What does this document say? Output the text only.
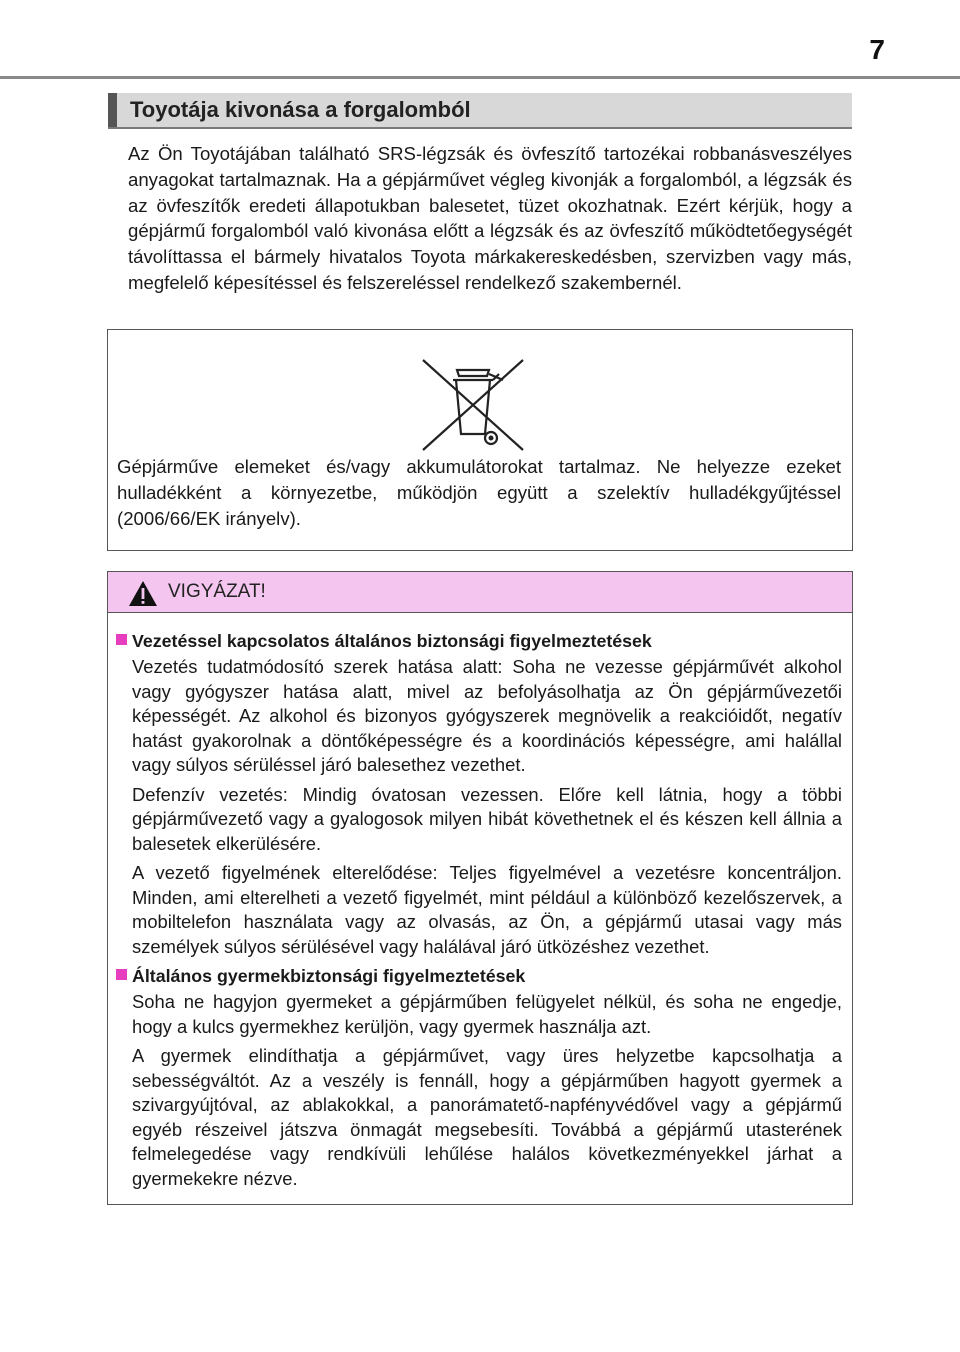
7
Toyotája kivonása a forgalomból
Az Ön Toyotájában található SRS-légzsák és övfeszítő tartozékai robbanásveszélyes anyagokat tartalmaznak. Ha a gépjárművet végleg kivonják a forgalomból, a légzsák és az övfeszítők eredeti állapotukban balesetet, tüzet okozhatnak. Ezért kérjük, hogy a gépjármű forgalomból való kivonása előtt a légzsák és az övfeszítő működtetőegységét távolíttassa el bármely hivatalos Toyota márkakereskedésben, szervizben vagy más, megfelelő képesítéssel és felszereléssel rendelkező szakembernél.
Gépjárműve elemeket és/vagy akkumulátorokat tartalmaz. Ne helyezze ezeket hulladékként a környezetbe, működjön együtt a szelektív hulladékgyűjtéssel (2006/66/EK irányelv).
VIGYÁZAT!
Vezetéssel kapcsolatos általános biztonsági figyelmeztetések
Vezetés tudatmódosító szerek hatása alatt: Soha ne vezesse gépjárművét alkohol vagy gyógyszer hatása alatt, mivel az befolyásolhatja az Ön gépjárművezetői képességét. Az alkohol és bizonyos gyógyszerek megnövelik a reakcióidőt, negatív hatást gyakorolnak a döntőképességre és a koordinációs képességre, ami halállal vagy súlyos sérüléssel járó balesethez vezethet.
Defenzív vezetés: Mindig óvatosan vezessen. Előre kell látnia, hogy a többi gépjárművezető vagy a gyalogosok milyen hibát követhetnek el és készen kell állnia a balesetek elkerülésére.
A vezető figyelmének elterelődése: Teljes figyelmével a vezetésre koncentráljon. Minden, ami elterelheti a vezető figyelmét, mint például a különböző kezelőszervek, a mobiltelefon használata vagy az olvasás, az Ön, a gépjármű utasai vagy más személyek súlyos sérülésével vagy halálával járó ütközéshez vezethet.
Általános gyermekbiztonsági figyelmeztetések
Soha ne hagyjon gyermeket a gépjárműben felügyelet nélkül, és soha ne engedje, hogy a kulcs gyermekhez kerüljön, vagy gyermek használja azt.
A gyermek elindíthatja a gépjárművet, vagy üres helyzetbe kapcsolhatja a sebességváltót. Az a veszély is fennáll, hogy a gépjárműben hagyott gyermek a szivargyújtóval, az ablakokkal, a panorámatető-napfényvédővel vagy a gépjármű egyéb részeivel játszva önmagát megsebesíti. Továbbá a gépjármű utasterének felmelegedése vagy rendkívüli lehűlése halálos következményekkel járhat a gyermekekre nézve.
